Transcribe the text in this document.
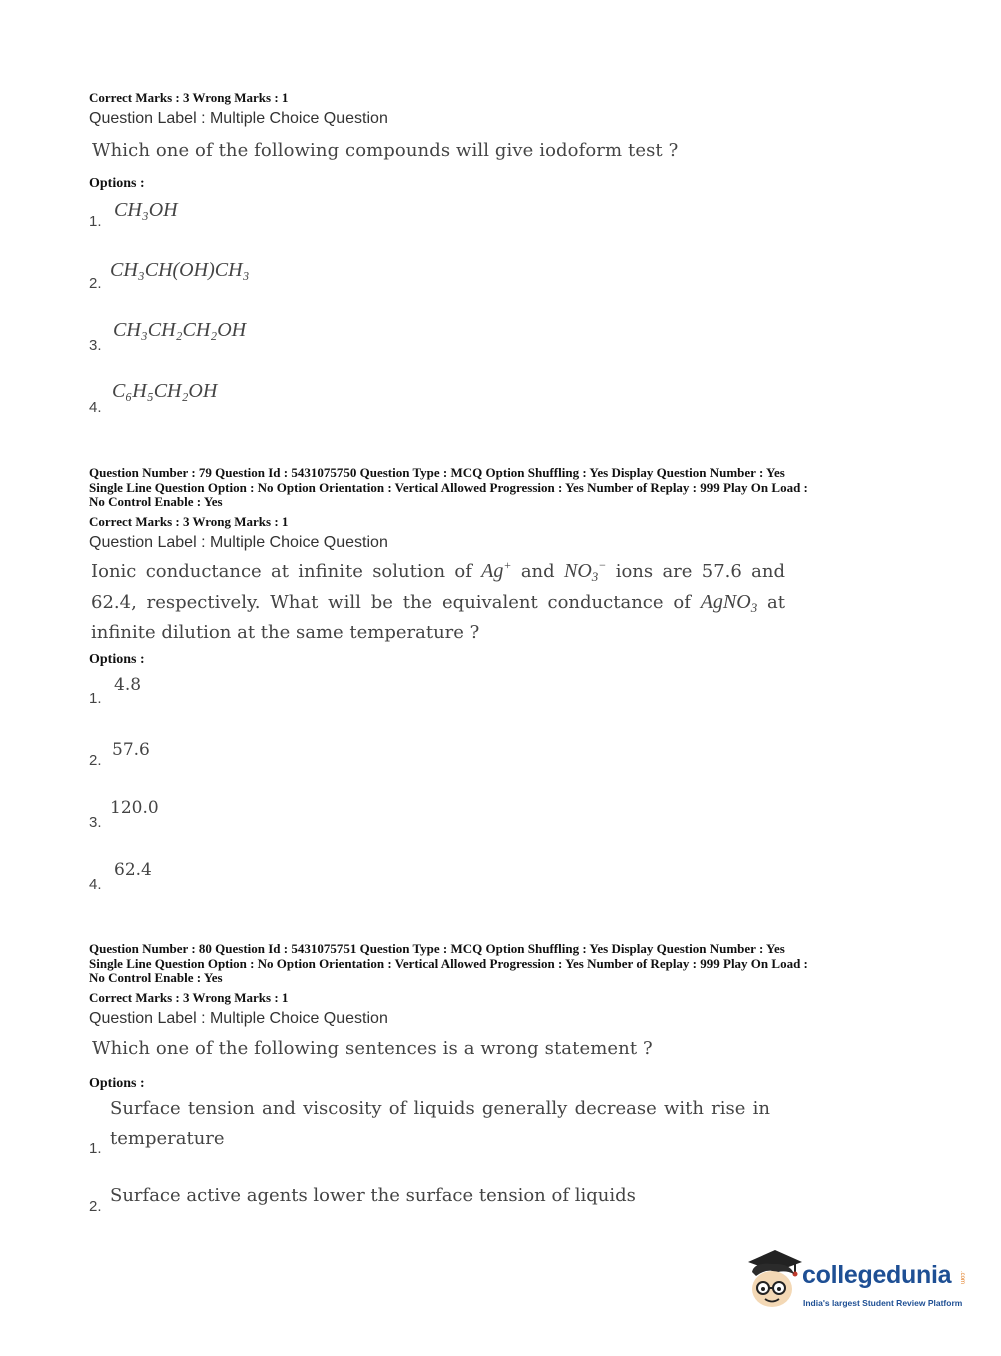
Correct Marks : 3 Wrong Marks : 1
Question Label : Multiple Choice Question
Which one of the following compounds will give iodoform test ?
Options :
1.
CH₃OH
2.
CH₃CH(OH)CH₃
3.
CH₃CH₂CH₂OH
4.
C₆H₅CH₂OH
Question Number : 79 Question Id : 5431075750 Question Type : MCQ Option Shuffling : Yes Display Question Number : Yes
Single Line Question Option : No Option Orientation : Vertical Allowed Progression : Yes Number of Replay : 999 Play On Load :
No Control Enable : Yes
Correct Marks : 3 Wrong Marks : 1
Question Label : Multiple Choice Question
Ionic conductance at infinite solution of Ag+ and $NO_3^-$ ions are 57.6 and 62.4, respectively. What will be the equivalent conductance of AgNO$_3$ at infinite dilution at the same temperature ?
Options :
1.
4.8
2.
57.6
3.
120.0
4.
62.4
Question Number : 80 Question Id : 5431075751 Question Type : MCQ Option Shuffling : Yes Display Question Number : Yes
Single Line Question Option : No Option Orientation : Vertical Allowed Progression : Yes Number of Replay : 999 Play On Load :
No Control Enable : Yes
Correct Marks : 3 Wrong Marks : 1
Question Label : Multiple Choice Question
Which one of the following sentences is a wrong statement ?
Options :
1.
Surface tension and viscosity of liquids generally decrease with rise in
temperature
2.
Surface active agents lower the surface tension of liquids
collegedunia .com
India's largest Student Review Platform
